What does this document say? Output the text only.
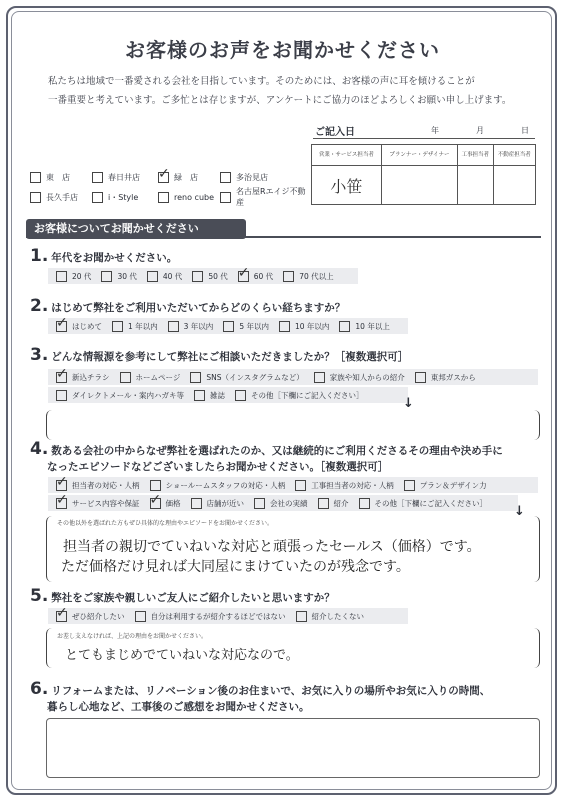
お客様のお声をお聞かせください
私たちは地域で一番愛される会社を目指しています。そのためには、お客様の声に耳を傾けることが
一番重要と考えています。ご多忙とは存じますが、アンケートにご協力のほどよろしくお願い申し上げます。
ご記入日	年	月	日
営業・サービス担当者	プランナー・デザイナー	工事担当者	不動産担当者
小笹			
東　店	春日井店 ✓	緑　店	多治見店
長久手店	i・Style	reno cube
名古屋Rエイジ不動産
お客様についてお聞かせください
1. 年代をお聞かせください。
20 代	30 代	40 代	50 代 ✓	60 代	70 代以上
2. はじめて弊社をご利用いただいてからどのくらい経ちますか？
✓
はじめて	1 年以内	3 年以内	5 年以内	10 年以内	10 年以上
3. どんな情報源を参考にして弊社にご相談いただきましたか？［複数選択可］
✓
新込チラシ	ホームページ	SNS（インスタグラムなど）	家族や知人からの紹介	東邦ガスから
ダイレクトメール・案内ハガキ等	雑誌	その他［下欄にご記入ください］
↓
4. 数ある会社の中からなぜ弊社を選ばれたのか、又は継続的にご利用くださるその理由や決め手に
なったエピソードなどございましたらお聞かせください。［複数選択可］
✓
担当者の対応・人柄	ショールームスタッフの対応・人柄	工事担当者の対応・人柄	プラン＆デザイン力
✓
サービス内容や保証 ✓	価格	店舗が近い	会社の実績	紹介	その他［下欄にご記入ください］
↓
その他以外を選ばれた方もぜひ具体的な理由やエピソードをお聞かせください。
担当者の親切でていねいな対応と頑張ったセールス（価格）です。
ただ価格だけ見れば大同屋にまけていたのが残念です。
5. 弊社をご家族や親しいご友人にご紹介したいと思いますか？
✓
ぜひ紹介したい	自分は利用するが紹介するほどではない	紹介したくない
お差し支えなければ、上記の理由をお聞かせください。
とてもまじめでていねいな対応なので。
6. リフォームまたは、リノベーション後のお住まいで、お気に入りの場所やお気に入りの時間、
暮らし心地など、工事後のご感想をお聞かせください。
